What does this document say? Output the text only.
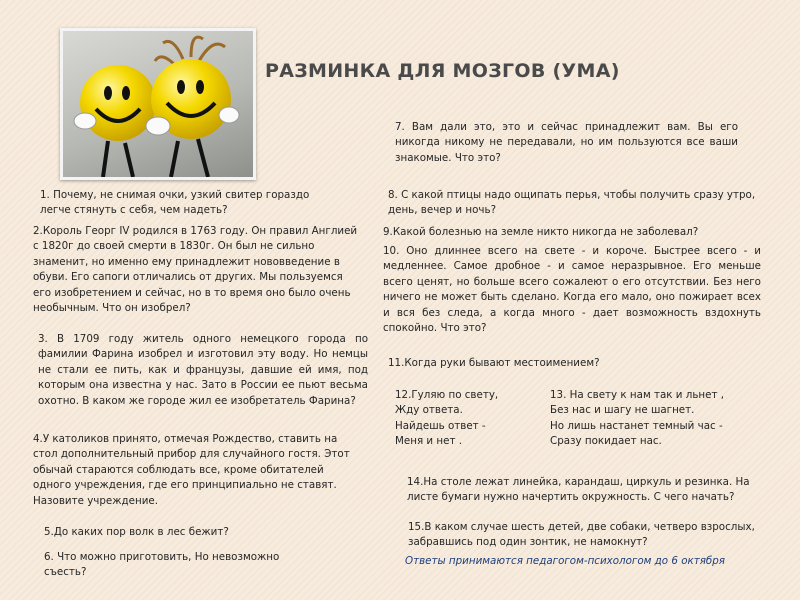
РАЗМИНКА ДЛЯ МОЗГОВ (УМА)

1. Почему, не снимая очки, узкий свитер гораздо легче стянуть с себя, чем надеть?

2.Король Георг IV родился в 1763 году. Он правил Англией с 1820г до своей смерти в 1830г. Он был не сильно знаменит, но именно ему принадлежит нововведение в обуви. Его сапоги отличались от других. Мы пользуемся его изобретением и сейчас, но в то время оно было очень необычным. Что он изобрел?

3. В 1709 году житель одного немецкого города по фамилии Фарина изобрел и изготовил эту воду. Но немцы не стали ее пить, как и французы, давшие ей имя, под которым она известна у нас. Зато в России ее пьют весьма охотно. В каком же городе жил ее изобретатель Фарина?

4.У католиков принято, отмечая Рождество, ставить на стол дополнительный прибор для случайного гостя. Этот обычай стараются соблюдать все, кроме обитателей одного учреждения, где его принципиально не ставят. Назовите учреждение.

5.До каких пор волк в лес бежит?

6. Что можно приготовить, Но невозможно съесть?

7. Вам дали это, это и сейчас принадлежит вам. Вы его никогда никому не передавали, но им пользуются все ваши знакомые. Что это?

8. С какой птицы надо ощипать перья, чтобы получить сразу утро, день, вечер и ночь?

9.Какой болезнью на земле никто никогда не заболевал?

10. Оно длиннее всего на свете - и короче. Быстрее всего - и медленнее. Самое дробное - и самое неразрывное. Его меньше всего ценят, но больше всего сожалеют о его отсутствии. Без него ничего не может быть сделано. Когда его мало, оно пожирает всех и вся без следа, а когда много - дает возможность вздохнуть спокойно. Что это?

11.Когда руки бывают местоимением?

12.Гуляю по свету,
Жду ответа.
Найдешь ответ -
Меня и нет .
13. На свету к нам так и льнет ,
Без нас и шагу не шагнет.
Но лишь настанет темный час -
Сразу покидает нас.

14.На столе лежат линейка, карандаш, циркуль и резинка. На листе бумаги нужно начертить окружность. С чего начать?

15.В каком случае шесть детей, две собаки, четверо взрослых, забравшись под один зонтик, не намокнут?

Ответы принимаются педагогом-психологом до 6 октября
